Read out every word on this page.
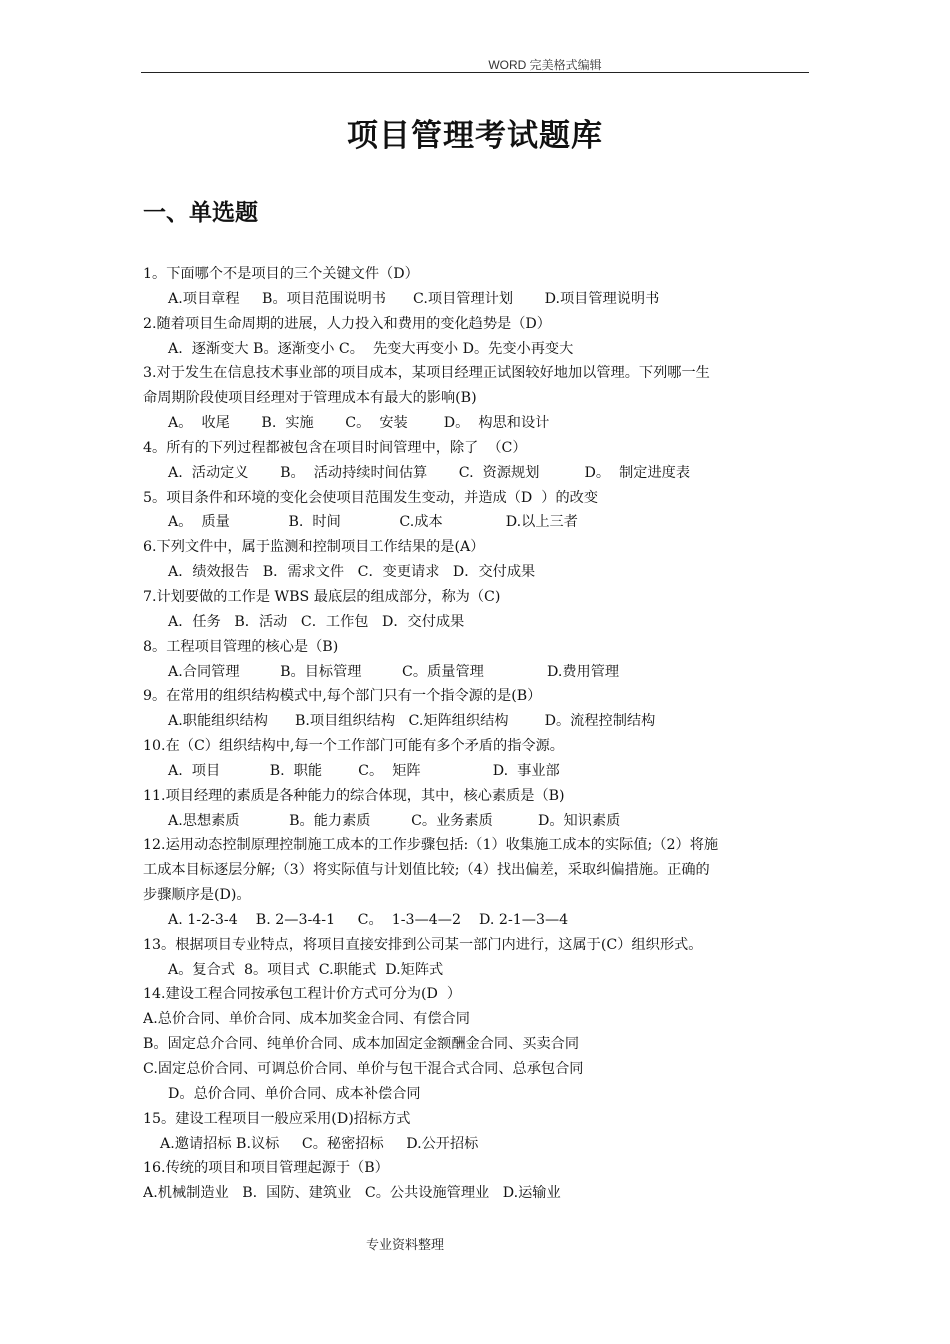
WORD 完美格式编辑
项目管理考试题库
一、单选题
1。下面哪个不是项目的三个关键文件（D）
A.项目章程     B。项目范围说明书      C.项目管理计划       D.项目管理说明书
2.随着项目生命周期的进展，人力投入和费用的变化趋势是（D）
A.  逐渐变大 B。逐渐变小 C。  先变大再变小 D。先变小再变大
3.对于发生在信息技术事业部的项目成本，某项目经理正试图较好地加以管理。下列哪一生
命周期阶段使项目经理对于管理成本有最大的影响(B)
A。  收尾       B.  实施       C。  安装        D。  构思和设计
4。所有的下列过程都被包含在项目时间管理中，除了  （C）
A.  活动定义       B。  活动持续时间估算       C.  资源规划          D。  制定进度表
5。项目条件和环境的变化会使项目范围发生变动，并造成（D  ）的改变
A。  质量             B.  时间             C.成本              D.以上三者
6.下列文件中，属于监测和控制项目工作结果的是(A）
A．绩效报告   B．需求文件   C．变更请求   D．交付成果
7.计划要做的工作是 WBS 最底层的组成部分，称为（C)
A．任务   B．活动   C．工作包   D．交付成果
8。工程项目管理的核心是（B)
A.合同管理         B。目标管理         C。质量管理              D.费用管理
9。在常用的组织结构模式中,每个部门只有一个指令源的是(B）
A.职能组织结构      B.项目组织结构   C.矩阵组织结构        D。流程控制结构
10.在（C）组织结构中,每一个工作部门可能有多个矛盾的指令源。
A.  项目           B.  职能        C。  矩阵                D.  事业部
11.项目经理的素质是各种能力的综合体现，其中，核心素质是（B)
A.思想素质           B。能力素质         C。业务素质          D。知识素质
12.运用动态控制原理控制施工成本的工作步骤包括:（1）收集施工成本的实际值;（2）将施
工成本目标逐层分解;（3）将实际值与计划值比较;（4）找出偏差，采取纠偏措施。正确的
步骤顺序是(D)。
A. 1-2-3-4    B. 2—3-4-1     C。  1-3—4—2    D. 2-1—3—4
13。根据项目专业特点，将项目直接安排到公司某一部门内进行，这属于(C）组织形式。
A。复合式  8。项目式  C.职能式  D.矩阵式
14.建设工程合同按承包工程计价方式可分为(D  ）
A.总价合同、单价合同、成本加奖金合同、有偿合同
B。固定总介合同、纯单价合同、成本加固定金额酬金合同、买卖合同
C.固定总价合同、可调总价合同、单价与包干混合式合同、总承包合同
D。总价合同、单价合同、成本补偿合同
15。建设工程项目一般应采用(D)招标方式
A.邀请招标 B.议标     C。秘密招标     D.公开招标
16.传统的项目和项目管理起源于（B）
A.机械制造业   B.  国防、建筑业   C。公共设施管理业   D.运输业
专业资料整理
